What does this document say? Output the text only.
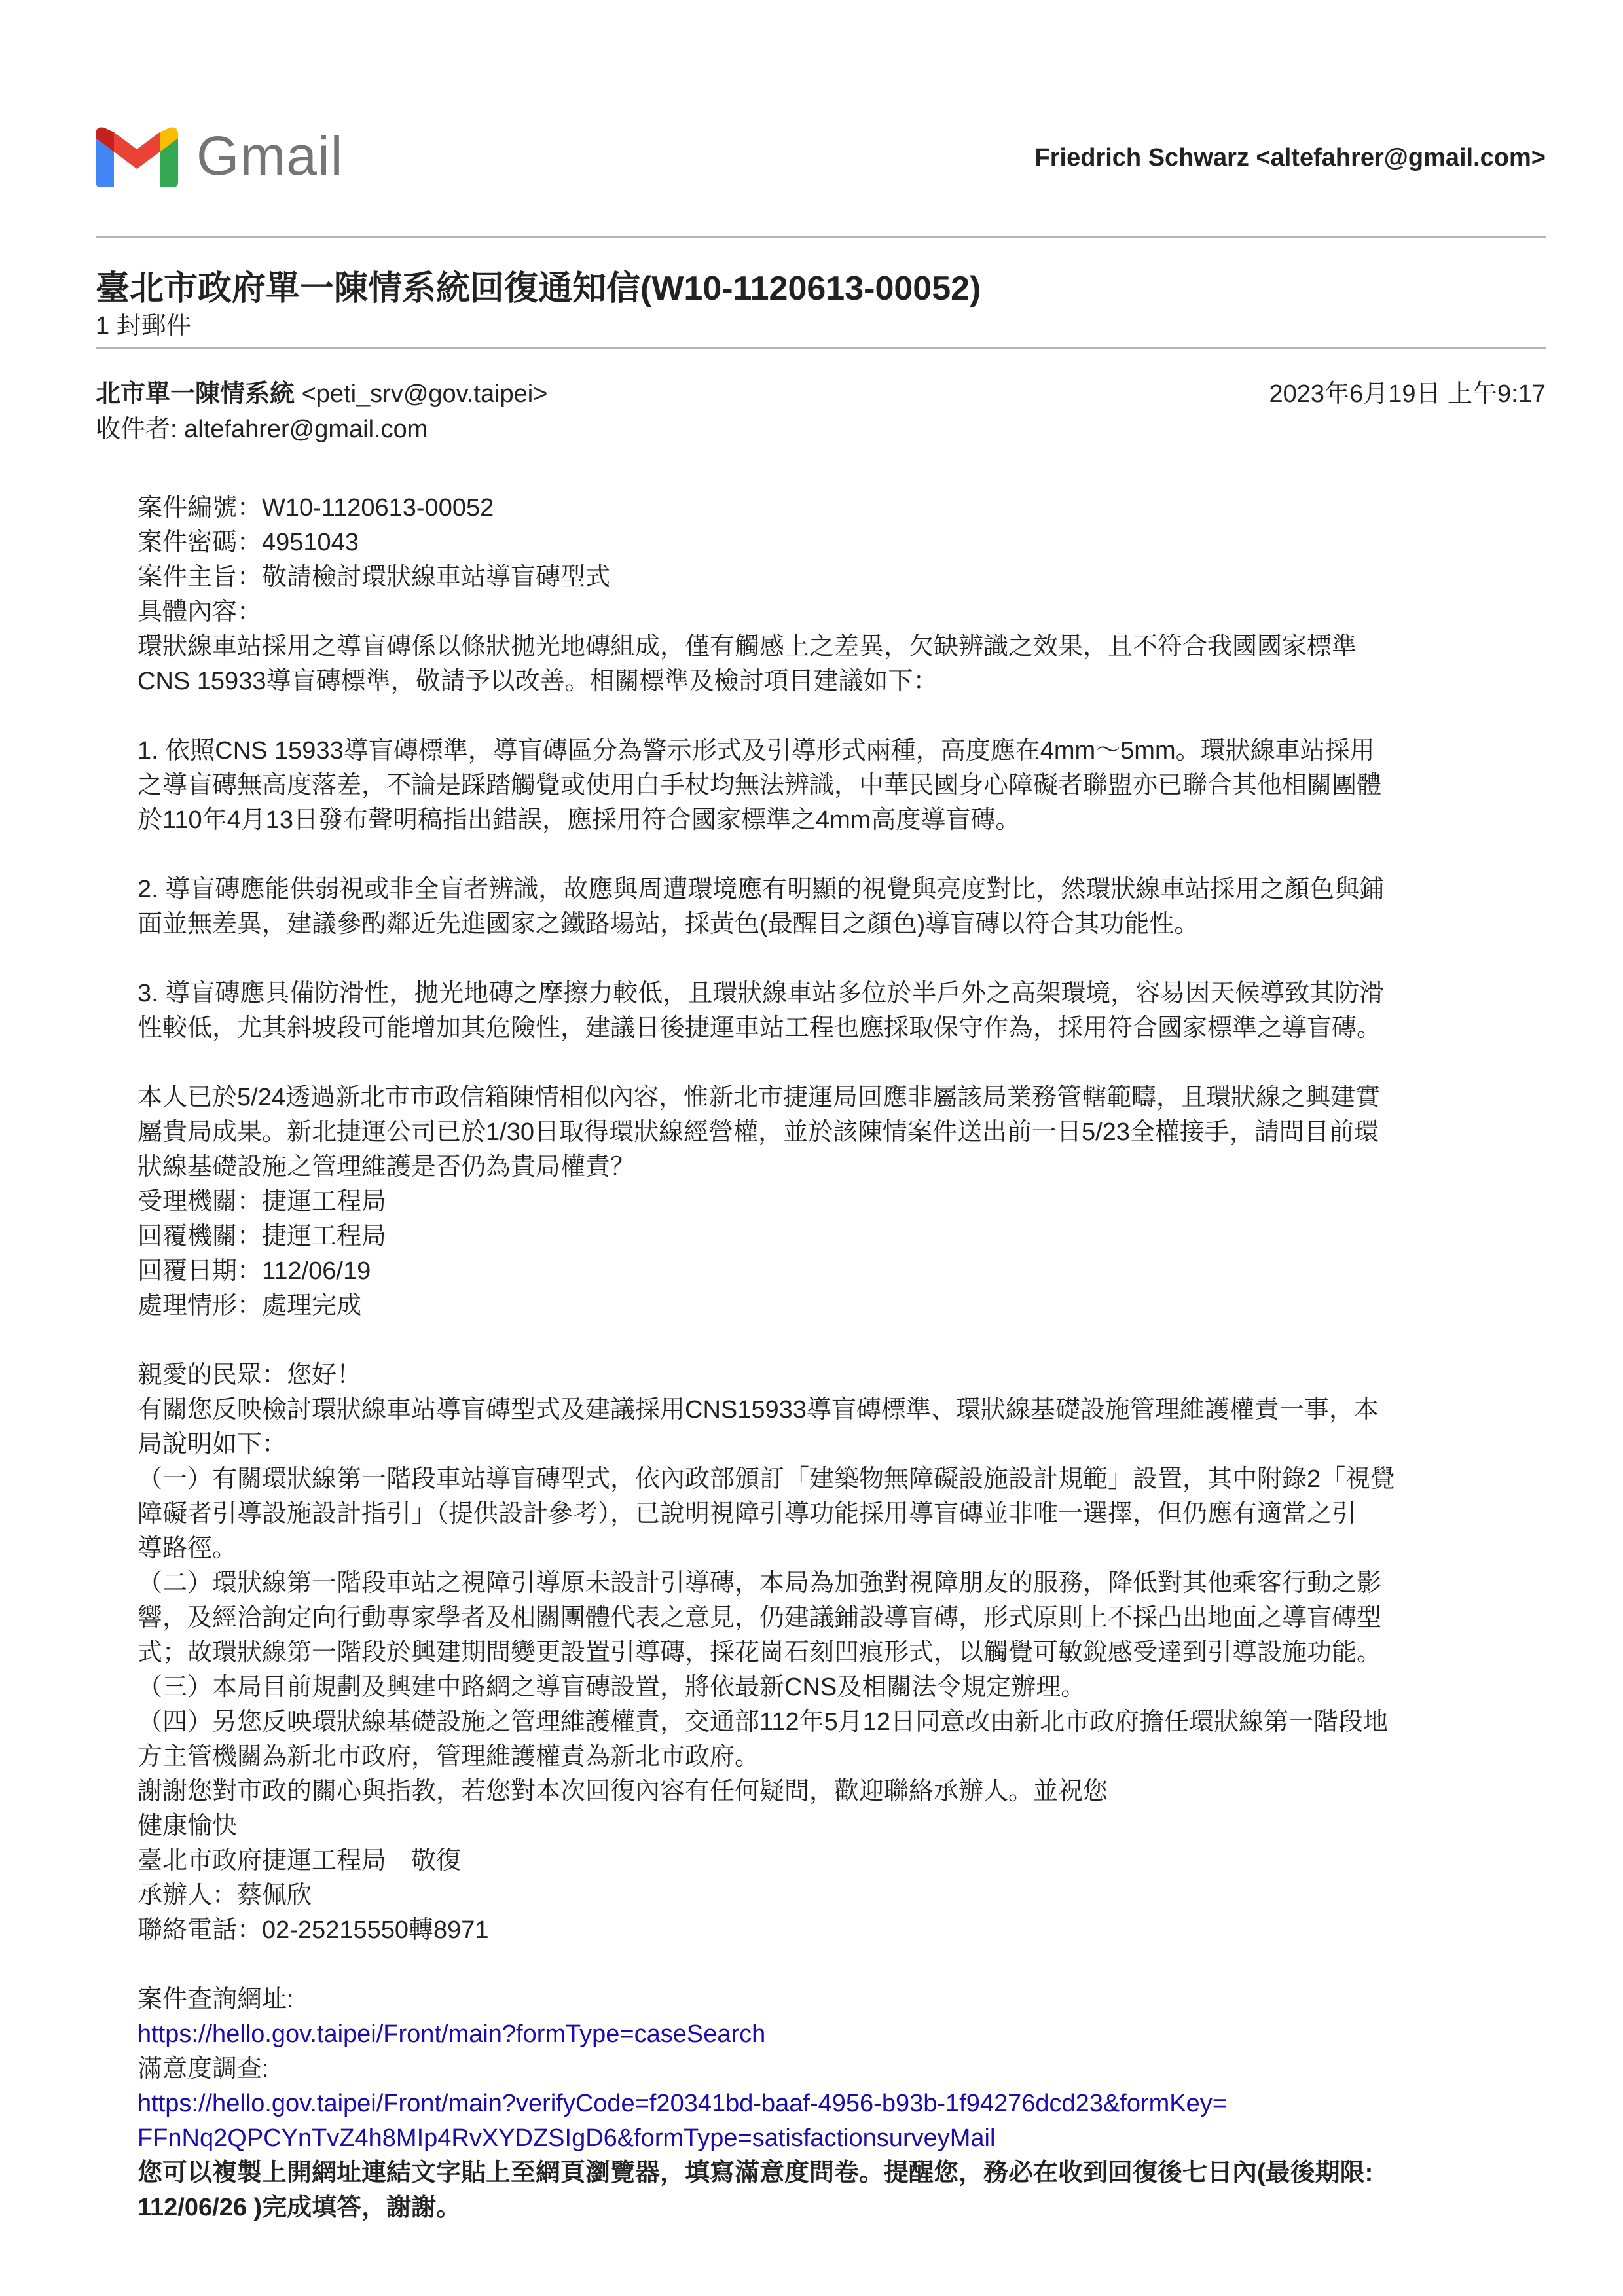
Gmail	Friedrich Schwarz <altefahrer@gmail.com>
臺北市政府單一陳情系統回復通知信(W10-1120613-00052)
1 封郵件
北市單一陳情系統 <peti_srv@gov.taipei>	2023年6月19日 上午9:17
收件者: altefahrer@gmail.com

案件編號：W10-1120613-00052

案件密碼：4951043

案件主旨：敬請檢討環狀線車站導盲磚型式

具體內容：

環狀線車站採用之導盲磚係以條狀拋光地磚組成，僅有觸感上之差異，欠缺辨識之效果，且不符合我國國家標準

CNS 15933導盲磚標準，敬請予以改善。相關標準及檢討項目建議如下：

1. 依照CNS 15933導盲磚標準，導盲磚區分為警示形式及引導形式兩種，高度應在4mm～5mm。環狀線車站採用

之導盲磚無高度落差，不論是踩踏觸覺或使用白手杖均無法辨識，中華民國身心障礙者聯盟亦已聯合其他相關團體

於110年4月13日發布聲明稿指出錯誤，應採用符合國家標準之4mm高度導盲磚。

2. 導盲磚應能供弱視或非全盲者辨識，故應與周遭環境應有明顯的視覺與亮度對比，然環狀線車站採用之顏色與鋪

面並無差異，建議參酌鄰近先進國家之鐵路場站，採黃色(最醒目之顏色)導盲磚以符合其功能性。

3. 導盲磚應具備防滑性，拋光地磚之摩擦力較低，且環狀線車站多位於半戶外之高架環境，容易因天候導致其防滑

性較低，尤其斜坡段可能增加其危險性，建議日後捷運車站工程也應採取保守作為，採用符合國家標準之導盲磚。

本人已於5/24透過新北市市政信箱陳情相似內容，惟新北市捷運局回應非屬該局業務管轄範疇，且環狀線之興建實

屬貴局成果。新北捷運公司已於1/30日取得環狀線經營權，並於該陳情案件送出前一日5/23全權接手，請問目前環

狀線基礎設施之管理維護是否仍為貴局權責？

受理機關：捷運工程局

回覆機關：捷運工程局

回覆日期：112/06/19

處理情形：處理完成

親愛的民眾：您好！

有關您反映檢討環狀線車站導盲磚型式及建議採用CNS15933導盲磚標準、環狀線基礎設施管理維護權責一事，本

局說明如下：

（一）有關環狀線第一階段車站導盲磚型式，依內政部頒訂「建築物無障礙設施設計規範」設置，其中附錄2「視覺

障礙者引導設施設計指引」（提供設計參考），已說明視障引導功能採用導盲磚並非唯一選擇，但仍應有適當之引

導路徑。

（二）環狀線第一階段車站之視障引導原未設計引導磚，本局為加強對視障朋友的服務，降低對其他乘客行動之影

響，及經洽詢定向行動專家學者及相關團體代表之意見，仍建議鋪設導盲磚，形式原則上不採凸出地面之導盲磚型

式；故環狀線第一階段於興建期間變更設置引導磚，採花崗石刻凹痕形式，以觸覺可敏銳感受達到引導設施功能。

（三）本局目前規劃及興建中路網之導盲磚設置，將依最新CNS及相關法令規定辦理。

（四）另您反映環狀線基礎設施之管理維護權責，交通部112年5月12日同意改由新北市政府擔任環狀線第一階段地

方主管機關為新北市政府，管理維護權責為新北市政府。

謝謝您對市政的關心與指教，若您對本次回復內容有任何疑問，歡迎聯絡承辦人。並祝您

健康愉快

臺北市政府捷運工程局　敬復

承辦人：蔡佩欣

聯絡電話：02-25215550轉8971

案件查詢網址:

https://hello.gov.taipei/Front/main?formType=caseSearch

滿意度調查:

https://hello.gov.taipei/Front/main?verifyCode=f20341bd-baaf-4956-b93b-1f94276dcd23&formKey=

FFnNq2QPCYnTvZ4h8MIp4RvXYDZSIgD6&formType=satisfactionsurveyMail

您可以複製上開網址連結文字貼上至網頁瀏覽器，填寫滿意度問卷。提醒您，務必在收到回復後七日內(最後期限:

112/06/26 )完成填答，謝謝。
